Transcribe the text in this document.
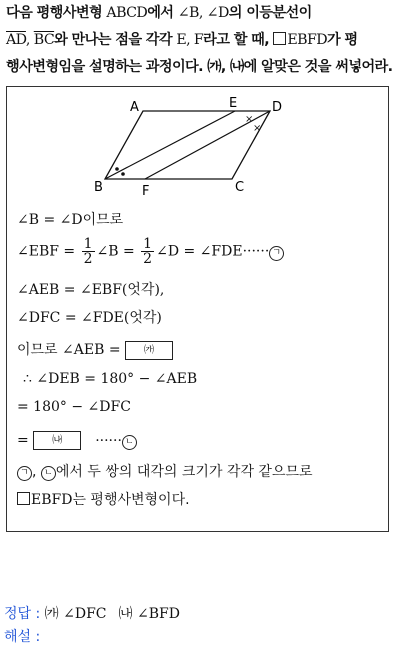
다음 평행사변형 ABCD에서 ∠B, ∠D의 이등분선이
$\overline{AD}$, $\overline{BC}$와 만나는 점을 각각 E, F라고 할 때, EBFD가 평
행사변형임을 설명하는 과정이다. ㈎, ㈏에 알맞은 것을 써넣어라.
×
×
A	E	D
B	F	C
∠B = ∠D이므로
∠EBF = $\frac{1}{2}$ ∠B = $\frac{1}{2}$ ∠D = ∠FDE······ ㄱ
∠AEB = ∠EBF(엇각),
∠DFC = ∠FDE(엇각)
이므로 ∠AEB = ㈎
∴ ∠DEB = 180° − ∠AEB
= 180° − ∠DFC
= ㈏ ······ ㄴ
ㄱ , ㄴ 에서 두 쌍의 대각의 크기가 각각 같으므로
EBFD는 평행사변형이다.
정답 : ㈎ ∠DFC ㈏ ∠BFD
해설 :
